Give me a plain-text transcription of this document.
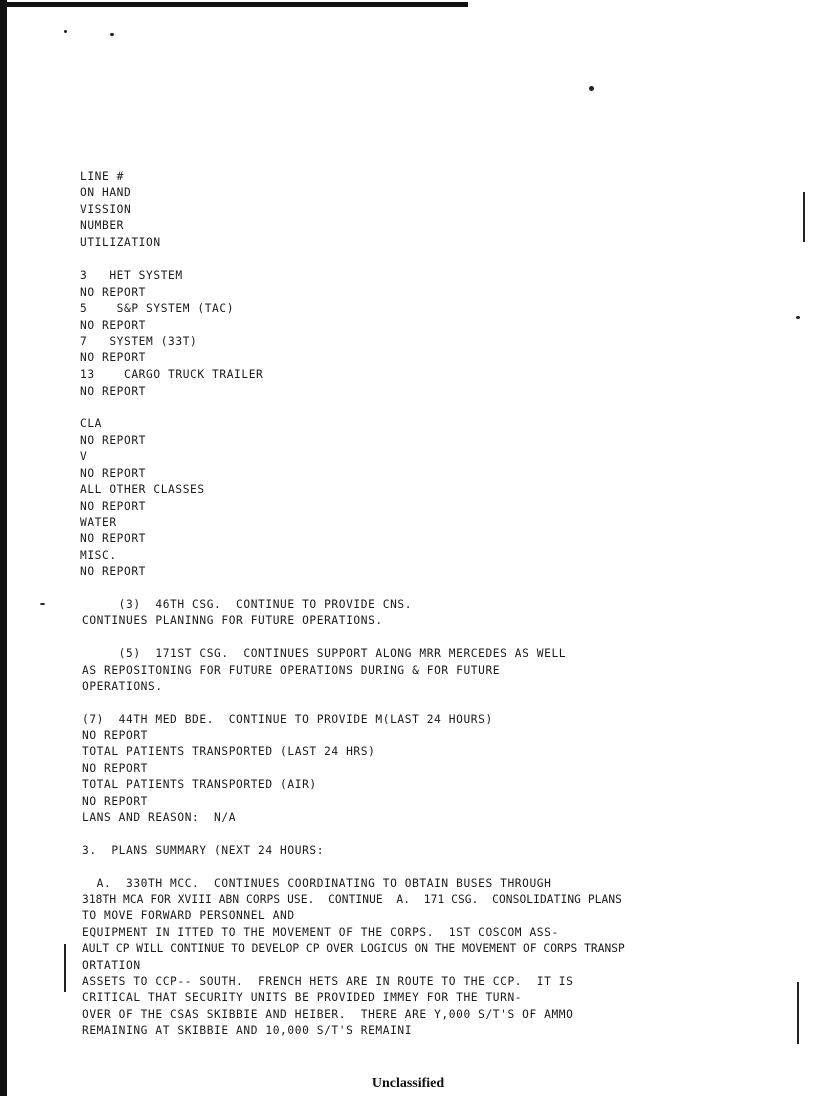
LINE #
ON HAND
VISSION
NUMBER
UTILIZATION
3   HET SYSTEM
NO REPORT
5    S&P SYSTEM (TAC)
NO REPORT
7   SYSTEM (33T)
NO REPORT
13    CARGO TRUCK TRAILER
NO REPORT
CLA
NO REPORT
V
NO REPORT
ALL OTHER CLASSES
NO REPORT
WATER
NO REPORT
MISC.
NO REPORT
(3)  46TH CSG.  CONTINUE TO PROVIDE CNS.
CONTINUES PLANINNG FOR FUTURE OPERATIONS.
(5)  171ST CSG.  CONTINUES SUPPORT ALONG MRR MERCEDES AS WELL
AS REPOSITONING FOR FUTURE OPERATIONS DURING & FOR FUTURE
OPERATIONS.
(7)  44TH MED BDE.  CONTINUE TO PROVIDE M(LAST 24 HOURS)
NO REPORT
TOTAL PATIENTS TRANSPORTED (LAST 24 HRS)
NO REPORT
TOTAL PATIENTS TRANSPORTED (AIR)
NO REPORT
LANS AND REASON:  N/A
3.  PLANS SUMMARY (NEXT 24 HOURS:
A.  330TH MCC.  CONTINUES COORDINATING TO OBTAIN BUSES THROUGH
318TH MCA FOR XVIII ABN CORPS USE.  CONTINUE  A.  171 CSG.  CONSOLIDATING PLANS
TO MOVE FORWARD PERSONNEL AND
EQUIPMENT IN ITTED TO THE MOVEMENT OF THE CORPS.  1ST COSCOM ASS-
AULT CP WILL CONTINUE TO DEVELOP CP OVER LOGICUS ON THE MOVEMENT OF CORPS TRANSP
ORTATION
ASSETS TO CCP-- SOUTH.  FRENCH HETS ARE IN ROUTE TO THE CCP.  IT IS
CRITICAL THAT SECURITY UNITS BE PROVIDED IMMEY FOR THE TURN-
OVER OF THE CSAS SKIBBIE AND HEIBER.  THERE ARE Y,000 S/T'S OF AMMO
REMAINING AT SKIBBIE AND 10,000 S/T'S REMAINI
Unclassified
